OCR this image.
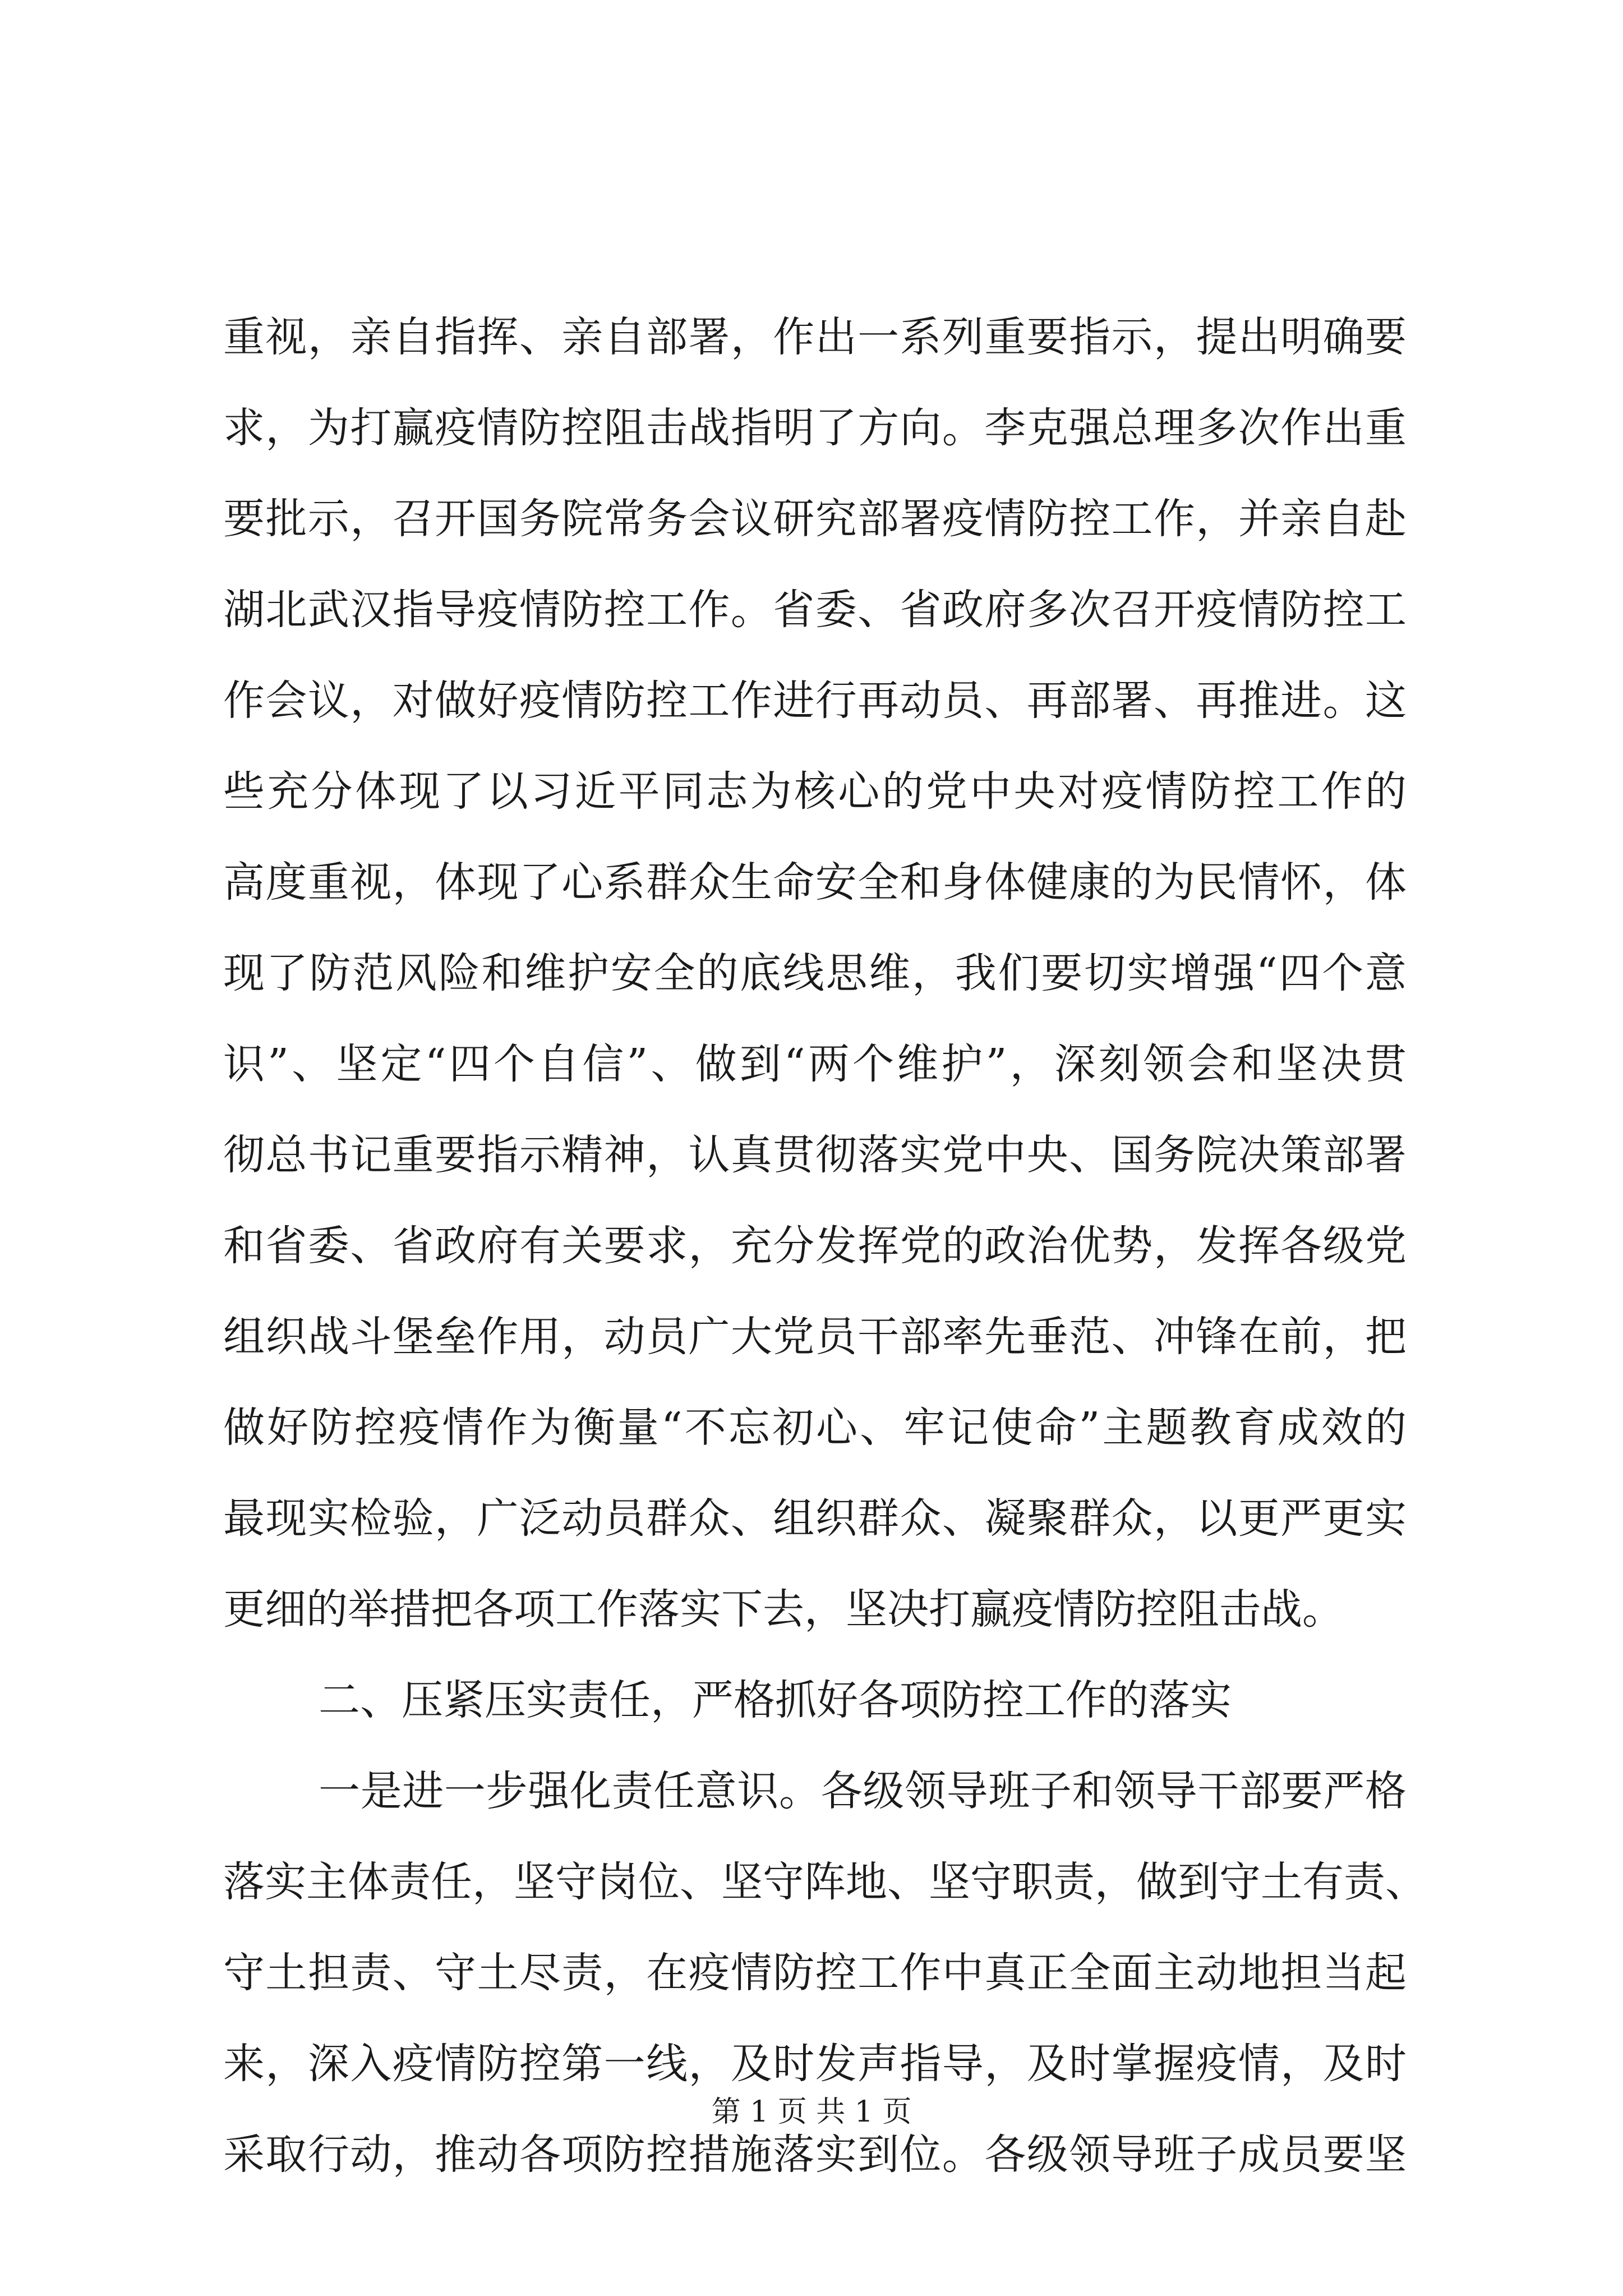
重视，亲自指挥、亲自部署，作出一系列重要指示，提出明确要
求，为打赢疫情防控阻击战指明了方向。李克强总理多次作出重
要批示，召开国务院常务会议研究部署疫情防控工作，并亲自赴
湖北武汉指导疫情防控工作。省委、省政府多次召开疫情防控工
作会议，对做好疫情防控工作进行再动员、再部署、再推进。这
些充分体现了以习近平同志为核心的党中央对疫情防控工作的
高度重视，体现了心系群众生命安全和身体健康的为民情怀，体
现了防范风险和维护安全的底线思维，我们要切实增强“四个意
识”、坚定“四个自信”、做到“两个维护”，深刻领会和坚决贯
彻总书记重要指示精神，认真贯彻落实党中央、国务院决策部署
和省委、省政府有关要求，充分发挥党的政治优势，发挥各级党
组织战斗堡垒作用，动员广大党员干部率先垂范、冲锋在前，把
做好防控疫情作为衡量“不忘初心、牢记使命”主题教育成效的
最现实检验，广泛动员群众、组织群众、凝聚群众，以更严更实
更细的举措把各项工作落实下去，坚决打赢疫情防控阻击战。
二、压紧压实责任，严格抓好各项防控工作的落实
一是进一步强化责任意识。各级领导班子和领导干部要严格
落实主体责任，坚守岗位、坚守阵地、坚守职责，做到守土有责、
守土担责、守土尽责，在疫情防控工作中真正全面主动地担当起
来，深入疫情防控第一线，及时发声指导，及时掌握疫情，及时
采取行动，推动各项防控措施落实到位。各级领导班子成员要坚
第 1 页 共 1 页
